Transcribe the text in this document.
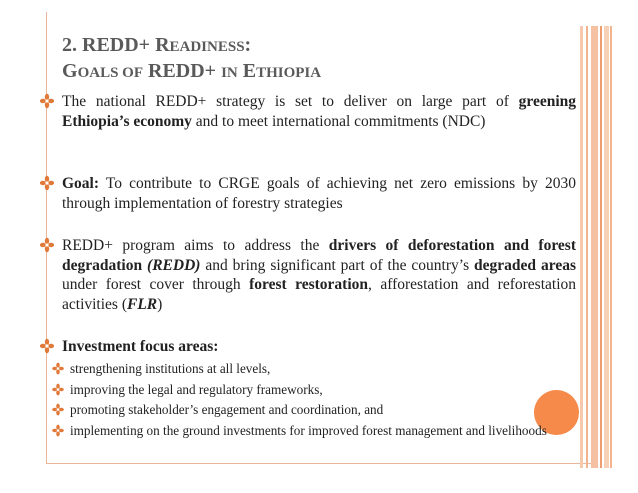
2. REDD+ READINESS:
GOALS OF REDD+ IN ETHIOPIA

The national REDD+ strategy is set to deliver on large part of greening Ethiopia’s economy and to meet international commitments (NDC)

Goal: To contribute to CRGE goals of achieving net zero emissions by 2030 through implementation of forestry strategies

REDD+ program aims to address the drivers of deforestation and forest degradation (REDD) and bring significant part of the country’s degraded areas under forest cover through forest restoration, afforestation and reforestation activities (FLR)

Investment focus areas:

strengthening institutions at all levels,
improving the legal and regulatory frameworks,
promoting stakeholder’s engagement and coordination, and
implementing on the ground investments for improved forest management and livelihoods
